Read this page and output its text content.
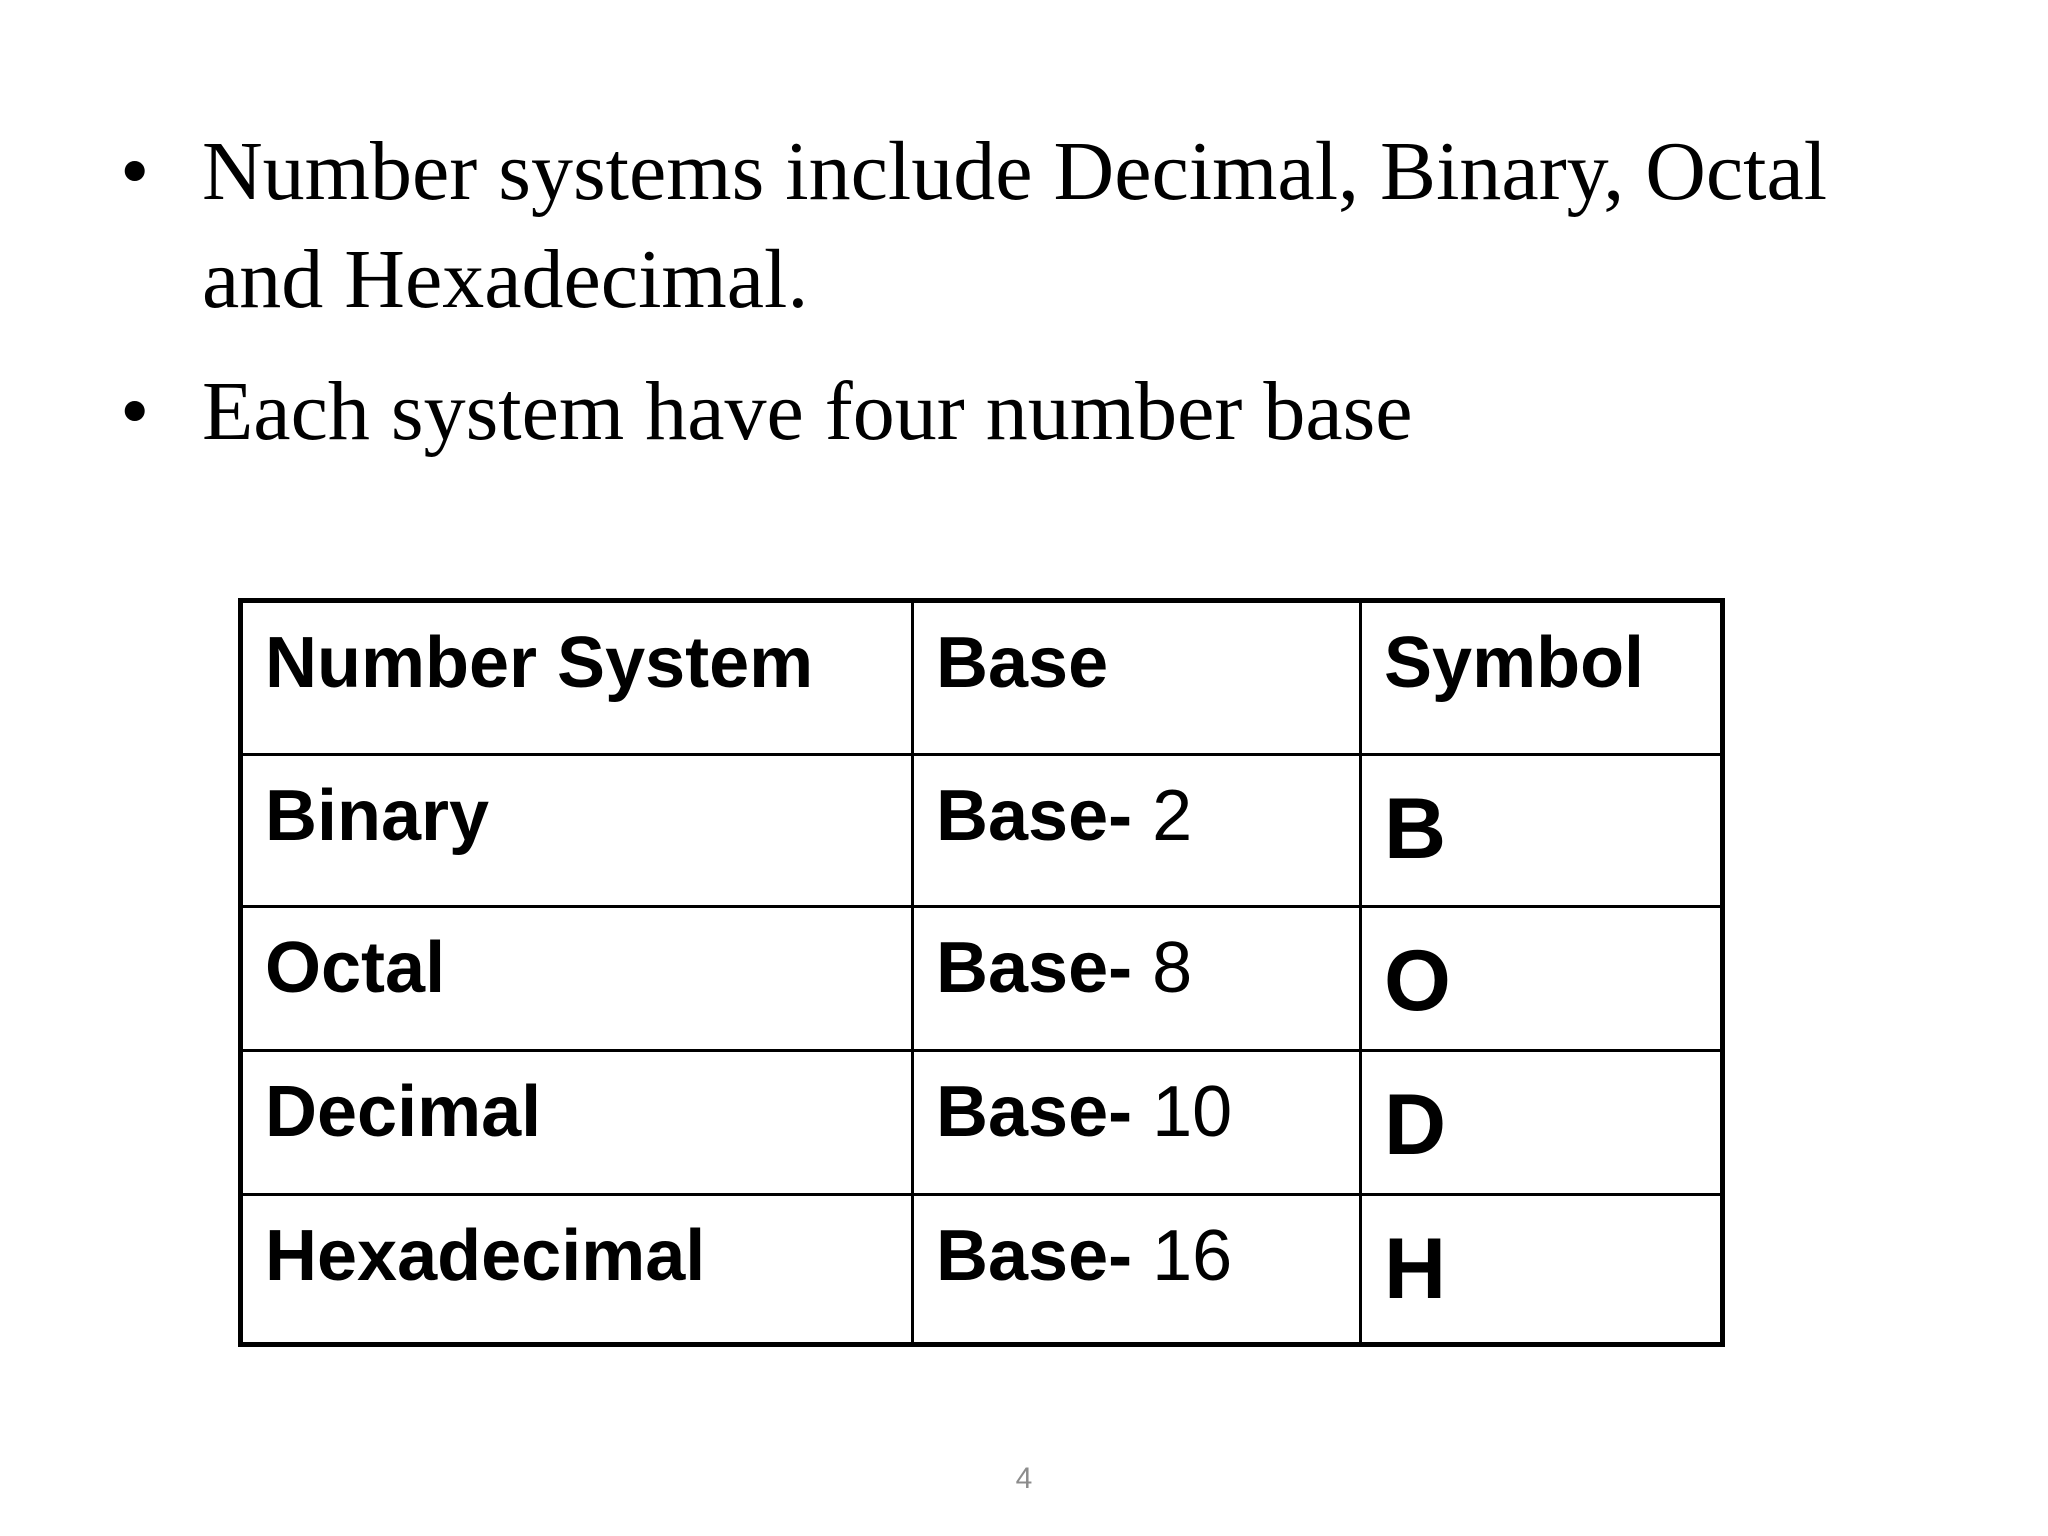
• Number systems include Decimal, Binary, Octal and Hexadecimal.
• Each system have four number base
Number System	Base	Symbol
Binary	Base- 2	B
Octal	Base- 8	O
Decimal	Base- 10	D
Hexadecimal	Base- 16	H
4
